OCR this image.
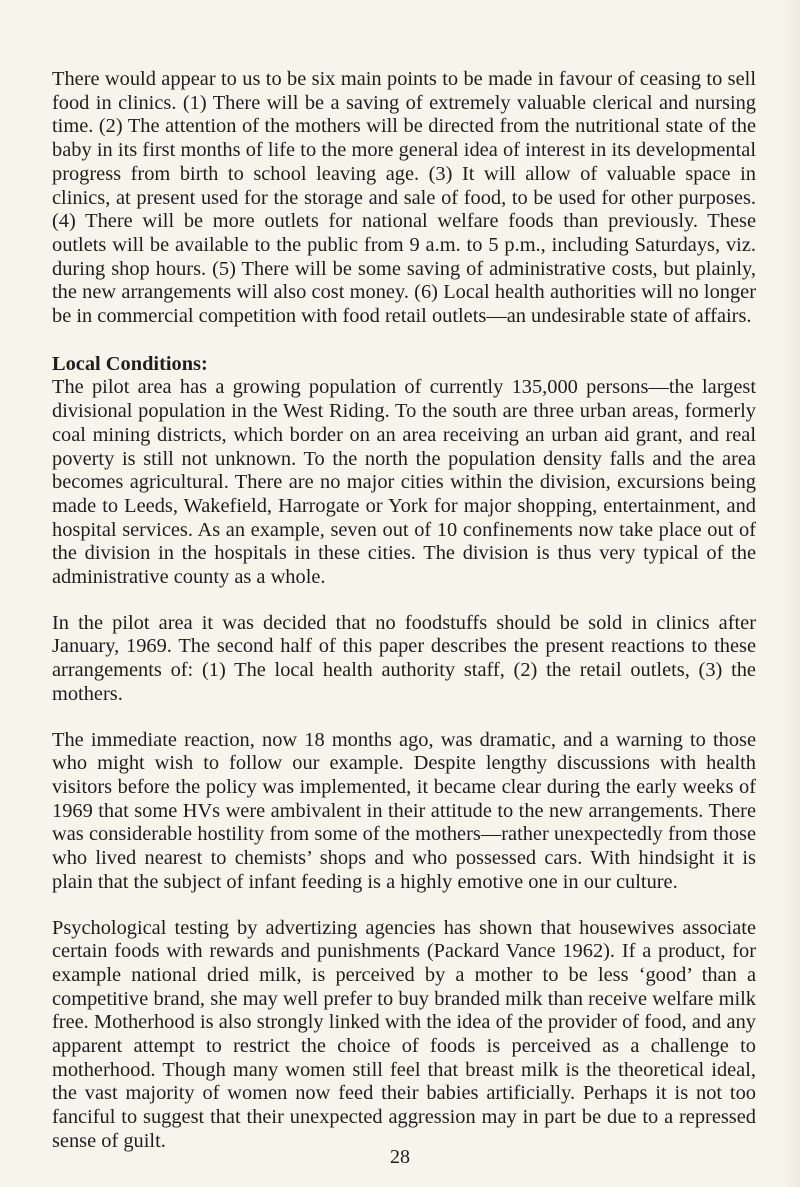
There would appear to us to be six main points to be made in favour of ceasing to sell food in clinics. (1) There will be a saving of extremely valuable clerical and nursing time. (2) The attention of the mothers will be directed from the nutritional state of the baby in its first months of life to the more general idea of interest in its developmental progress from birth to school leaving age. (3) It will allow of valuable space in clinics, at present used for the storage and sale of food, to be used for other purposes. (4) There will be more outlets for national welfare foods than previously. These outlets will be available to the public from 9 a.m. to 5 p.m., including Saturdays, viz. during shop hours. (5) There will be some saving of administrative costs, but plainly, the new arrangements will also cost money. (6) Local health authorities will no longer be in commercial competition with food retail outlets—an undesirable state of affairs.

Local Conditions:

The pilot area has a growing population of currently 135,000 persons—the largest divisional population in the West Riding. To the south are three urban areas, formerly coal mining districts, which border on an area receiving an urban aid grant, and real poverty is still not unknown. To the north the population density falls and the area becomes agricultural. There are no major cities within the division, excursions being made to Leeds, Wakefield, Harrogate or York for major shopping, entertainment, and hospital services. As an example, seven out of 10 confinements now take place out of the division in the hospitals in these cities. The division is thus very typical of the administrative county as a whole.

In the pilot area it was decided that no foodstuffs should be sold in clinics after January, 1969. The second half of this paper describes the present reactions to these arrangements of: (1) The local health authority staff, (2) the retail outlets, (3) the mothers.

The immediate reaction, now 18 months ago, was dramatic, and a warning to those who might wish to follow our example. Despite lengthy discussions with health visitors before the policy was implemented, it became clear during the early weeks of 1969 that some HVs were ambivalent in their attitude to the new arrangements. There was considerable hostility from some of the mothers—rather unexpectedly from those who lived nearest to chemists’ shops and who possessed cars. With hindsight it is plain that the subject of infant feeding is a highly emotive one in our culture.

Psychological testing by advertizing agencies has shown that housewives associate certain foods with rewards and punishments (Packard Vance 1962). If a product, for example national dried milk, is perceived by a mother to be less ‘good’ than a competitive brand, she may well prefer to buy branded milk than receive welfare milk free. Motherhood is also strongly linked with the idea of the provider of food, and any apparent attempt to restrict the choice of foods is perceived as a challenge to motherhood. Though many women still feel that breast milk is the theoretical ideal, the vast majority of women now feed their babies artificially. Perhaps it is not too fanciful to suggest that their unexpected aggression may in part be due to a repressed sense of guilt.

28
